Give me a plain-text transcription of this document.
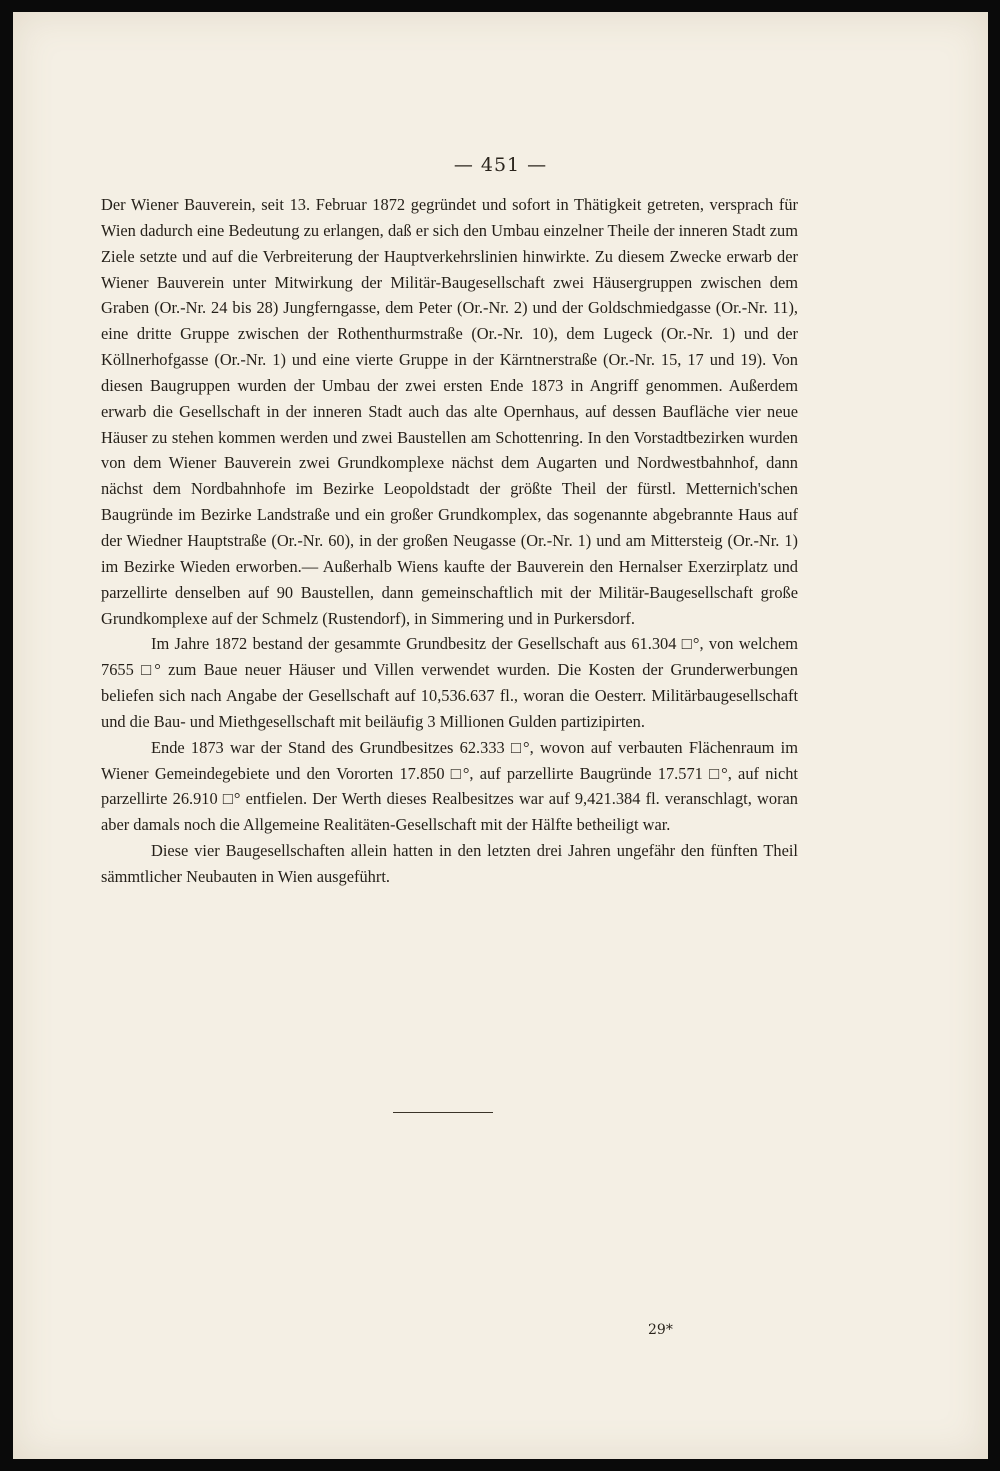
— 451 —

Der Wiener Bauverein, seit 13. Februar 1872 gegründet und sofort in Thätigkeit getreten, versprach für Wien dadurch eine Bedeutung zu erlangen, daß er sich den Umbau einzelner Theile der inneren Stadt zum Ziele setzte und auf die Verbreiterung der Hauptverkehrslinien hinwirkte. Zu diesem Zwecke erwarb der Wiener Bauverein unter Mitwirkung der Militär-Baugesellschaft zwei Häusergruppen zwischen dem Graben (Or.-Nr. 24 bis 28) Jungferngasse, dem Peter (Or.-Nr. 2) und der Goldschmiedgasse (Or.-Nr. 11), eine dritte Gruppe zwischen der Rothenthurmstraße (Or.-Nr. 10), dem Lugeck (Or.-Nr. 1) und der Köllnerhofgasse (Or.-Nr. 1) und eine vierte Gruppe in der Kärntnerstraße (Or.-Nr. 15, 17 und 19). Von diesen Baugruppen wurden der Umbau der zwei ersten Ende 1873 in Angriff genommen. Außerdem erwarb die Gesellschaft in der inneren Stadt auch das alte Opernhaus, auf dessen Baufläche vier neue Häuser zu stehen kommen werden und zwei Baustellen am Schottenring. In den Vorstadtbezirken wurden von dem Wiener Bauverein zwei Grundkomplexe nächst dem Augarten und Nordwestbahnhof, dann nächst dem Nordbahnhofe im Bezirke Leopoldstadt der größte Theil der fürstl. Metternich'schen Baugründe im Bezirke Landstraße und ein großer Grundkomplex, das sogenannte abgebrannte Haus auf der Wiedner Hauptstraße (Or.-Nr. 60), in der großen Neugasse (Or.-Nr. 1) und am Mittersteig (Or.-Nr. 1) im Bezirke Wieden erworben.— Außerhalb Wiens kaufte der Bauverein den Hernalser Exerzirplatz und parzellirte denselben auf 90 Baustellen, dann gemeinschaftlich mit der Militär-Baugesellschaft große Grundkomplexe auf der Schmelz (Rustendorf), in Simmering und in Purkersdorf.

Im Jahre 1872 bestand der gesammte Grundbesitz der Gesellschaft aus 61.304 □°, von welchem 7655 □° zum Baue neuer Häuser und Villen verwendet wurden. Die Kosten der Grunderwerbungen beliefen sich nach Angabe der Gesellschaft auf 10,536.637 fl., woran die Oesterr. Militärbaugesellschaft und die Bau- und Miethgesellschaft mit beiläufig 3 Millionen Gulden partizipirten.

Ende 1873 war der Stand des Grundbesitzes 62.333 □°, wovon auf verbauten Flächenraum im Wiener Gemeindegebiete und den Vororten 17.850 □°, auf parzellirte Baugründe 17.571 □°, auf nicht parzellirte 26.910 □° entfielen. Der Werth dieses Realbesitzes war auf 9,421.384 fl. veranschlagt, woran aber damals noch die Allgemeine Realitäten-Gesellschaft mit der Hälfte betheiligt war.

Diese vier Baugesellschaften allein hatten in den letzten drei Jahren ungefähr den fünften Theil sämmtlicher Neubauten in Wien ausgeführt.

29*
